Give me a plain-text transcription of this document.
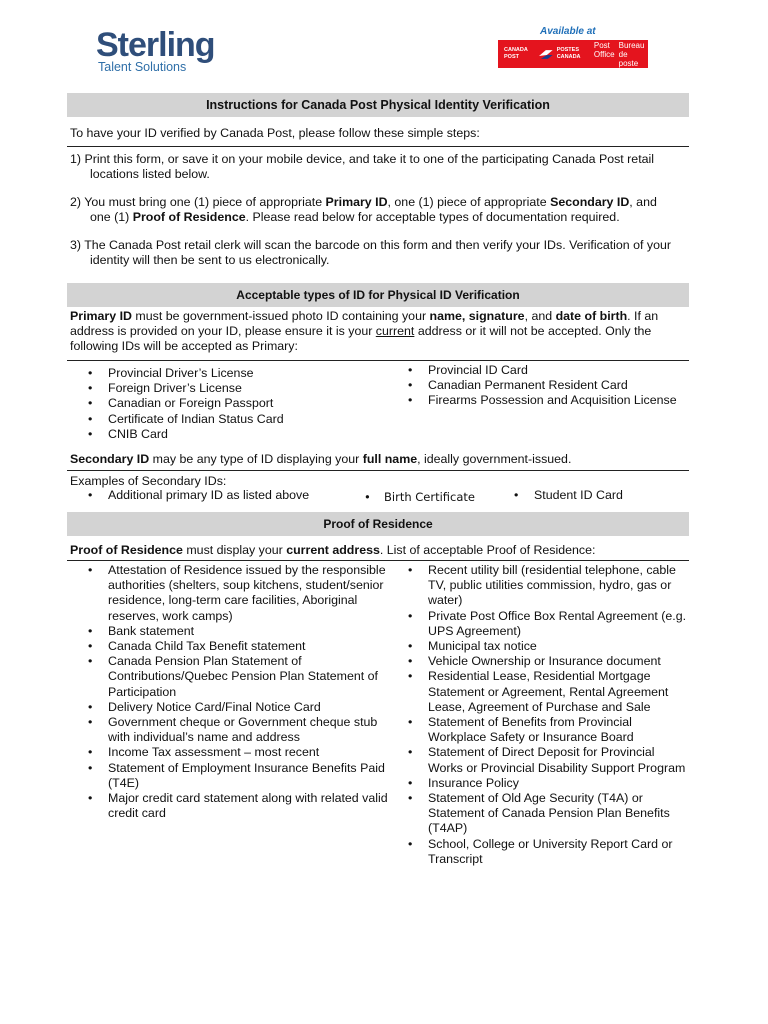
Sterling
Talent Solutions
Available at
CANADA
POST
POSTES
CANADA
Post
Office
Bureau
de poste
Instructions for Canada Post Physical Identity Verification
To have your ID verified by Canada Post, please follow these simple steps:
1) Print this form, or save it on your mobile device, and take it to one of the participating Canada Post retail
locations listed below.
2) You must bring one (1) piece of appropriate Primary ID, one (1) piece of appropriate Secondary ID, and
one (1) Proof of Residence. Please read below for acceptable types of documentation required.
3) The Canada Post retail clerk will scan the barcode on this form and then verify your IDs. Verification of your
identity will then be sent to us electronically.
Acceptable types of ID for Physical ID Verification
Primary ID must be government-issued photo ID containing your name, signature, and date of birth. If an
address is provided on your ID, please ensure it is your current address or it will not be accepted. Only the
following IDs will be accepted as Primary:
• Provincial Driver’s License
• Foreign Driver’s License
• Canadian or Foreign Passport
• Certificate of Indian Status Card
• CNIB Card
• Provincial ID Card
• Canadian Permanent Resident Card
• Firearms Possession and Acquisition License
Secondary ID may be any type of ID displaying your full name, ideally government-issued.
Examples of Secondary IDs:
• Additional primary ID as listed above	• Birth Certificate	• Student ID Card
Proof of Residence
Proof of Residence must display your current address. List of acceptable Proof of Residence:
• Attestation of Residence issued by the responsible authorities (shelters, soup kitchens, student/senior residence, long-term care facilities, Aboriginal reserves, work camps)
• Bank statement
• Canada Child Tax Benefit statement
• Canada Pension Plan Statement of Contributions/Quebec Pension Plan Statement of Participation
• Delivery Notice Card/Final Notice Card
• Government cheque or Government cheque stub with individual’s name and address
• Income Tax assessment – most recent
• Statement of Employment Insurance Benefits Paid (T4E)
• Major credit card statement along with related valid credit card
• Recent utility bill (residential telephone, cable TV, public utilities commission, hydro, gas or water)
• Private Post Office Box Rental Agreement (e.g. UPS Agreement)
• Municipal tax notice
• Vehicle Ownership or Insurance document
• Residential Lease, Residential Mortgage Statement or Agreement, Rental Agreement Lease, Agreement of Purchase and Sale
• Statement of Benefits from Provincial Workplace Safety or Insurance Board
• Statement of Direct Deposit for Provincial Works or Provincial Disability Support Program
• Insurance Policy
• Statement of Old Age Security (T4A) or Statement of Canada Pension Plan Benefits (T4AP)
• School, College or University Report Card or Transcript
